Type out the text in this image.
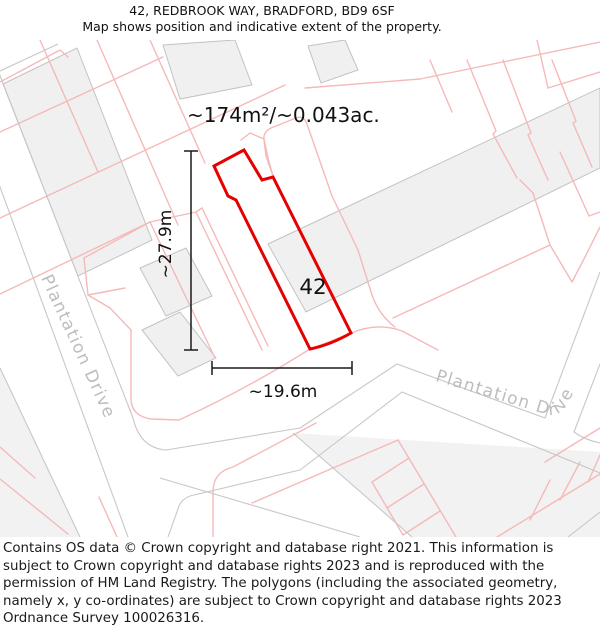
42, REDBROOK WAY, BRADFORD, BD9 6SF
Map shows position and indicative extent of the property.
Plantation Drive
Plantation Drive
42
~174m²/~0.043ac.
~27.9m
~19.6m
Contains OS data © Crown copyright and database right 2021. This information is subject to Crown copyright and database rights 2023 and is reproduced with the permission of HM Land Registry. The polygons (including the associated geometry, namely x, y co-ordinates) are subject to Crown copyright and database rights 2023 Ordnance Survey 100026316.
